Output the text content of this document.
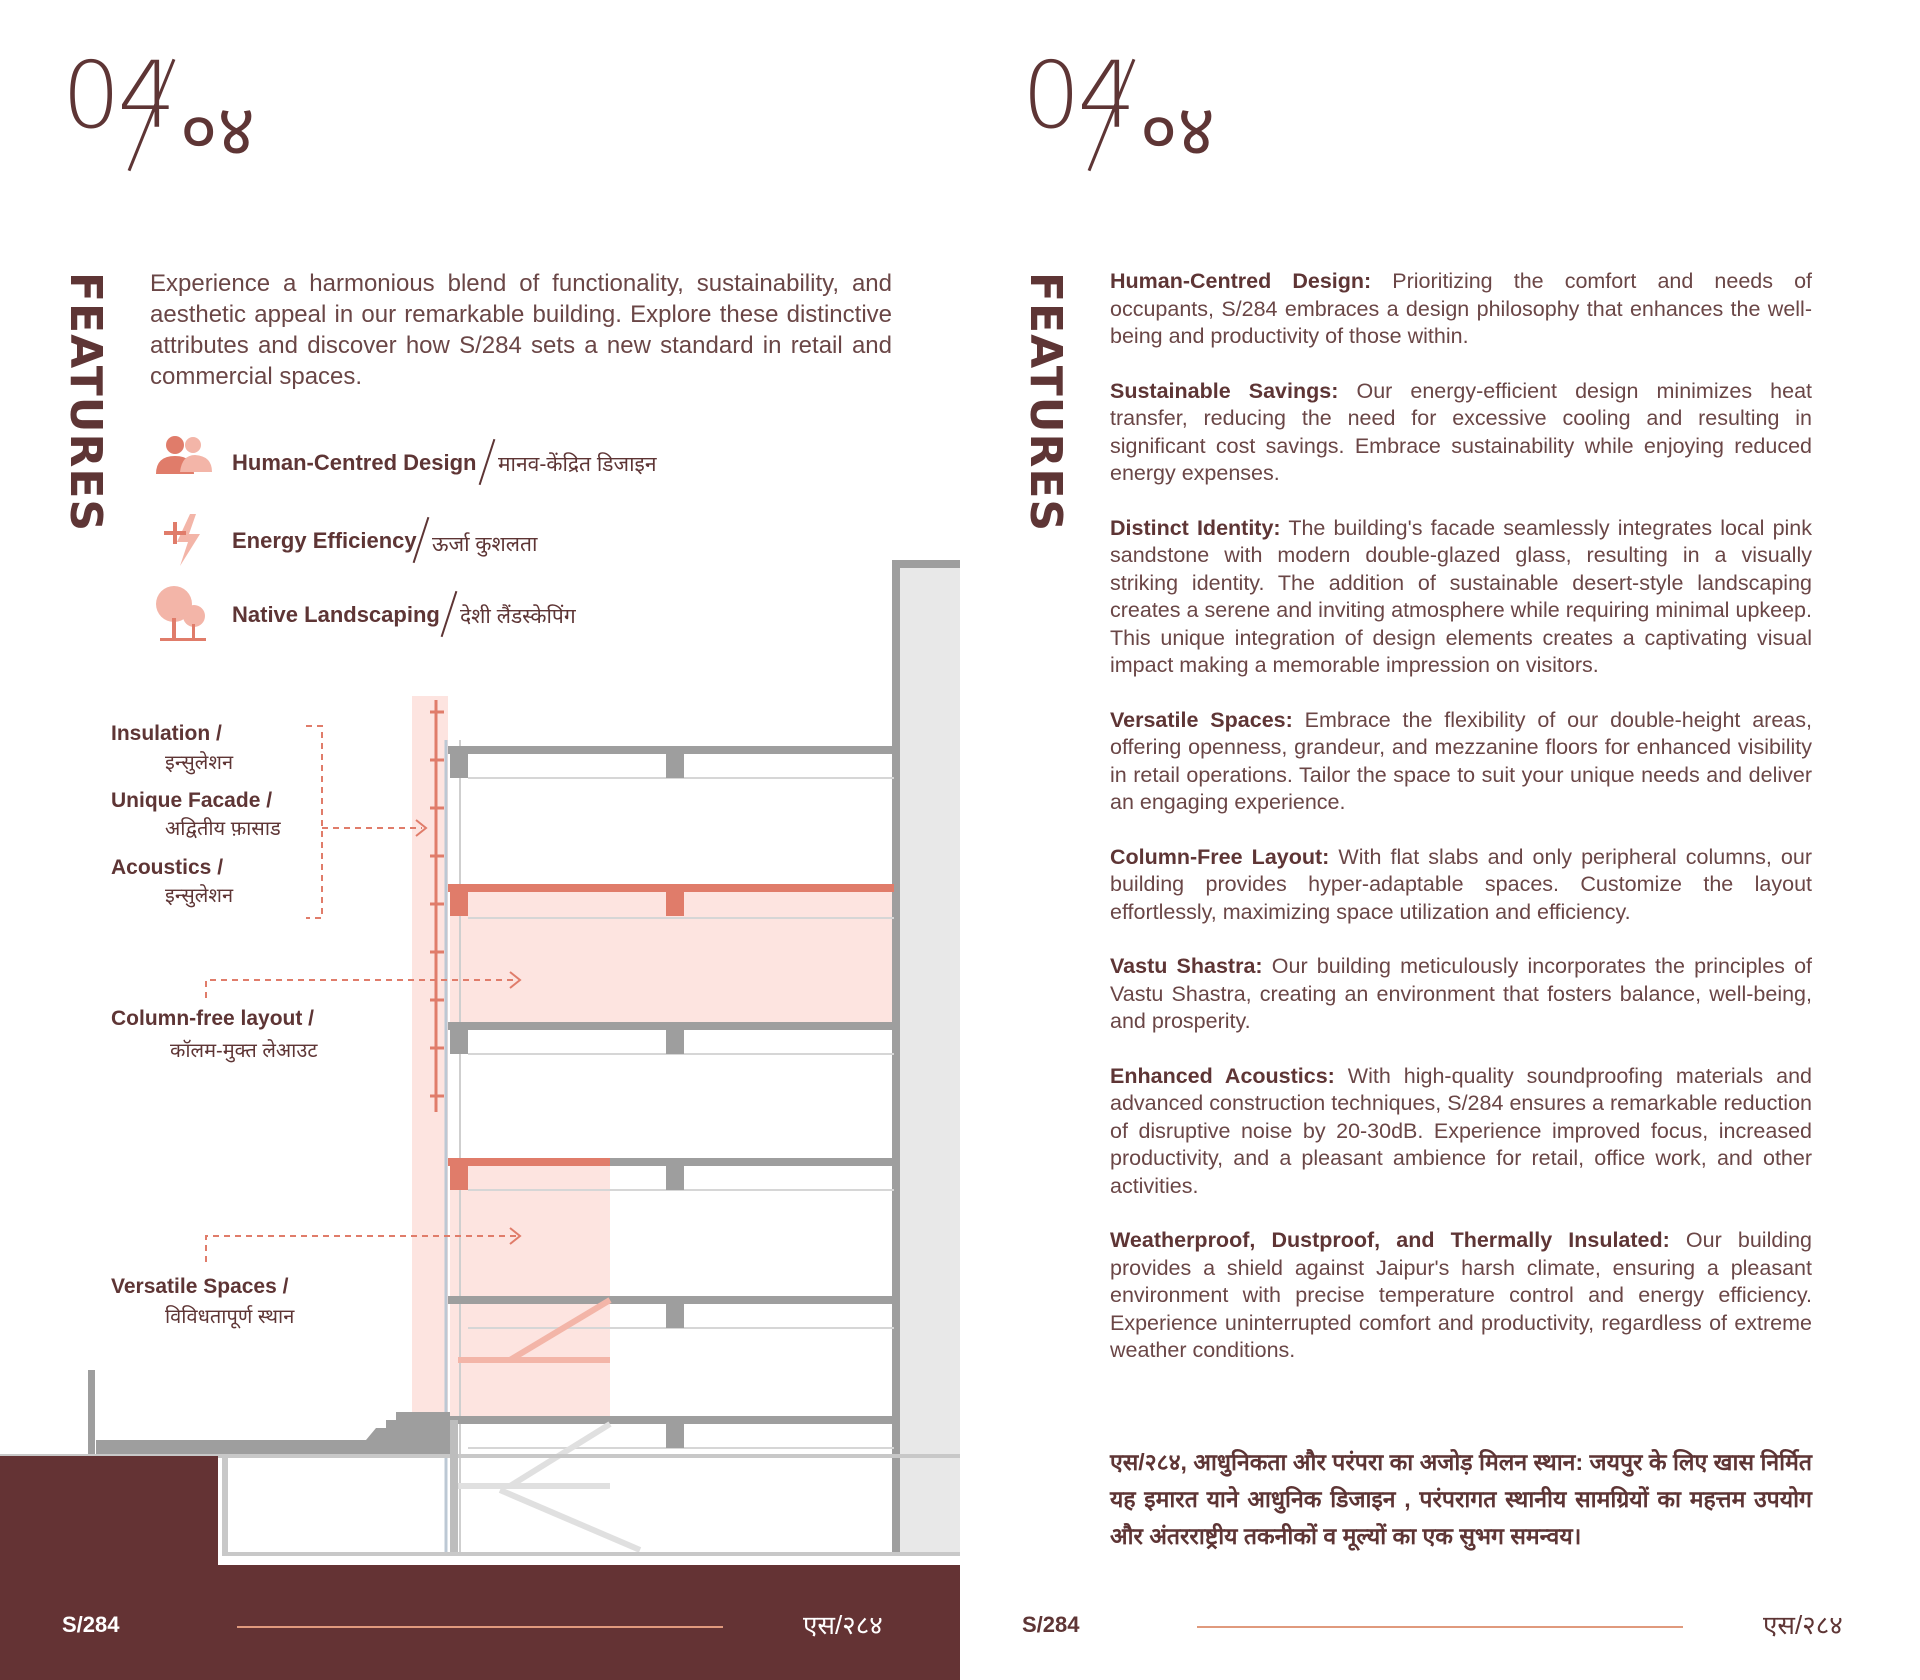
04 ०४
FEATURES Experience a harmonious blend of functionality, sustainability, and aesthetic appeal in our remarkable building. Explore these distinctive attributes and discover how S/284 sets a new standard in retail and commercial spaces.
Human-Centred Design मानव-केंद्रित डिजाइन
Energy Efficiency ऊर्जा कुशलता
Native Landscaping देशी लैंडस्केपिंग
Insulation /
इन्सुलेशन
Unique Facade /
अद्वितीय फ़ासाड
Acoustics /
इन्सुलेशन
Column-free layout /
कॉलम-मुक्त लेआउट
Versatile Spaces /
विविधतापूर्ण स्थान
S/284	एस/२८४
04 ०४
FEATURES Human-Centred Design: Prioritizing the comfort and needs of occupants, S/284 embraces a design philosophy that enhances the well-being and productivity of those within.

Sustainable Savings: Our energy-efficient design minimizes heat transfer, reducing the need for excessive cooling and resulting in significant cost savings. Embrace sustainability while enjoying reduced energy expenses.

Distinct Identity: The building's facade seamlessly integrates local pink sandstone with modern double-glazed glass, resulting in a visually striking identity. The addition of sustainable desert-style landscaping creates a serene and inviting atmosphere while requiring minimal upkeep. This unique integration of design elements creates a captivating visual impact making a memorable impression on visitors.

Versatile Spaces: Embrace the flexibility of our double-height areas, offering openness, grandeur, and mezzanine floors for enhanced visibility in retail operations. Tailor the space to suit your unique needs and deliver an engaging experience.

Column-Free Layout: With flat slabs and only peripheral columns, our building provides hyper-adaptable spaces. Customize the layout effortlessly, maximizing space utilization and efficiency.

Vastu Shastra: Our building meticulously incorporates the principles of Vastu Shastra, creating an environment that fosters balance, well-being, and prosperity.

Enhanced Acoustics: With high-quality soundproofing materials and advanced construction techniques, S/284 ensures a remarkable reduction of disruptive noise by 20-30dB. Experience improved focus, increased productivity, and a pleasant ambience for retail, office work, and other activities.

Weatherproof, Dustproof, and Thermally Insulated: Our building provides a shield against Jaipur's harsh climate, ensuring a pleasant environment with precise temperature control and energy efficiency. Experience uninterrupted comfort and productivity, regardless of extreme weather conditions.

एस/२८४, आधुनिकता और परंपरा का अजोड़ मिलन स्थान: जयपुर के लिए खास निर्मित यह इमारत याने आधुनिक डिजाइन , परंपरागत स्थानीय सामग्रियों का महत्तम उपयोग और अंतरराष्ट्रीय तकनीकों व मूल्यों का एक सुभग समन्वय।
S/284	एस/२८४
